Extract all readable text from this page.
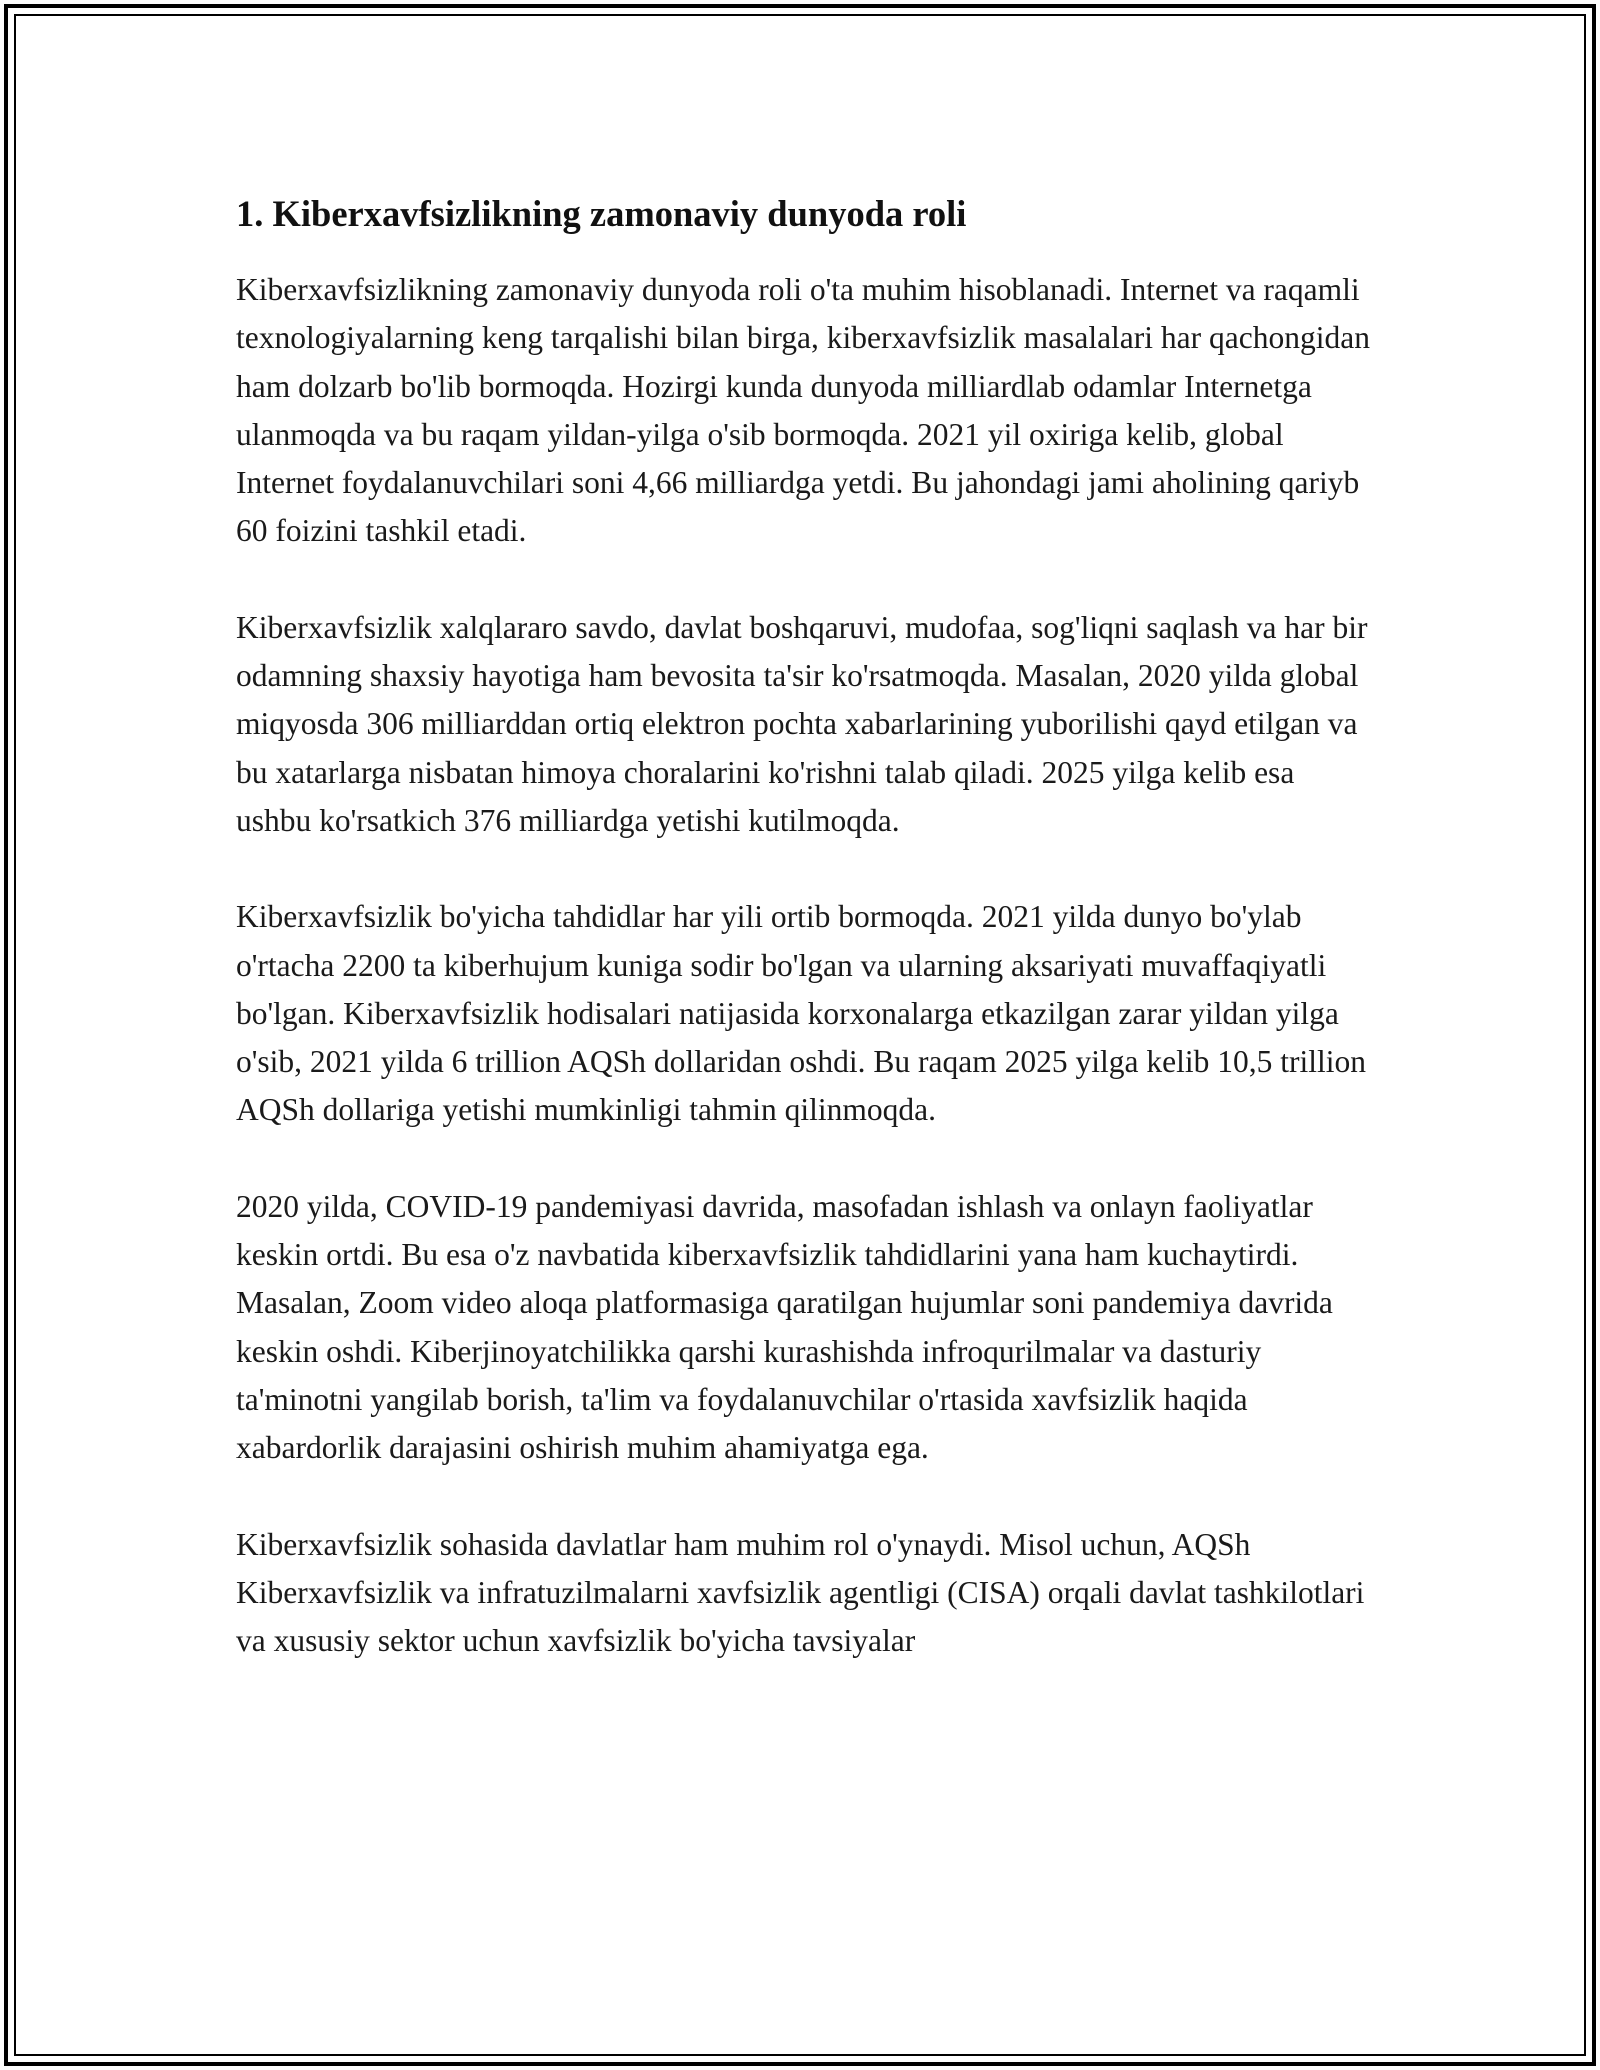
1. Kiberxavfsizlikning zamonaviy dunyoda roli

Kiberxavfsizlikning zamonaviy dunyoda roli o'ta muhim hisoblanadi. Internet va raqamli texnologiyalarning keng tarqalishi bilan birga, kiberxavfsizlik masalalari har qachongidan ham dolzarb bo'lib bormoqda. Hozirgi kunda dunyoda milliardlab odamlar Internetga ulanmoqda va bu raqam yildan-yilga o'sib bormoqda. 2021 yil oxiriga kelib, global Internet foydalanuvchilari soni 4,66 milliardga yetdi. Bu jahondagi jami aholining qariyb 60 foizini tashkil etadi.

Kiberxavfsizlik xalqlararo savdo, davlat boshqaruvi, mudofaa, sog'liqni saqlash va har bir odamning shaxsiy hayotiga ham bevosita ta'sir ko'rsatmoqda. Masalan, 2020 yilda global miqyosda 306 milliarddan ortiq elektron pochta xabarlarining yuborilishi qayd etilgan va bu xatarlarga nisbatan himoya choralarini ko'rishni talab qiladi. 2025 yilga kelib esa ushbu ko'rsatkich 376 milliardga yetishi kutilmoqda.

Kiberxavfsizlik bo'yicha tahdidlar har yili ortib bormoqda. 2021 yilda dunyo bo'ylab o'rtacha 2200 ta kiberhujum kuniga sodir bo'lgan va ularning aksariyati muvaffaqiyatli bo'lgan. Kiberxavfsizlik hodisalari natijasida korxonalarga etkazilgan zarar yildan yilga o'sib, 2021 yilda 6 trillion AQSh dollaridan oshdi. Bu raqam 2025 yilga kelib 10,5 trillion AQSh dollariga yetishi mumkinligi tahmin qilinmoqda.

2020 yilda, COVID-19 pandemiyasi davrida, masofadan ishlash va onlayn faoliyatlar keskin ortdi. Bu esa o'z navbatida kiberxavfsizlik tahdidlarini yana ham kuchaytirdi. Masalan, Zoom video aloqa platformasiga qaratilgan hujumlar soni pandemiya davrida keskin oshdi. Kiberjinoyatchilikka qarshi kurashishda infroqurilmalar va dasturiy ta'minotni yangilab borish, ta'lim va foydalanuvchilar o'rtasida xavfsizlik haqida xabardorlik darajasini oshirish muhim ahamiyatga ega.

Kiberxavfsizlik sohasida davlatlar ham muhim rol o'ynaydi. Misol uchun, AQSh Kiberxavfsizlik va infratuzilmalarni xavfsizlik agentligi (CISA) orqali davlat tashkilotlari va xususiy sektor uchun xavfsizlik bo'yicha tavsiyalar
